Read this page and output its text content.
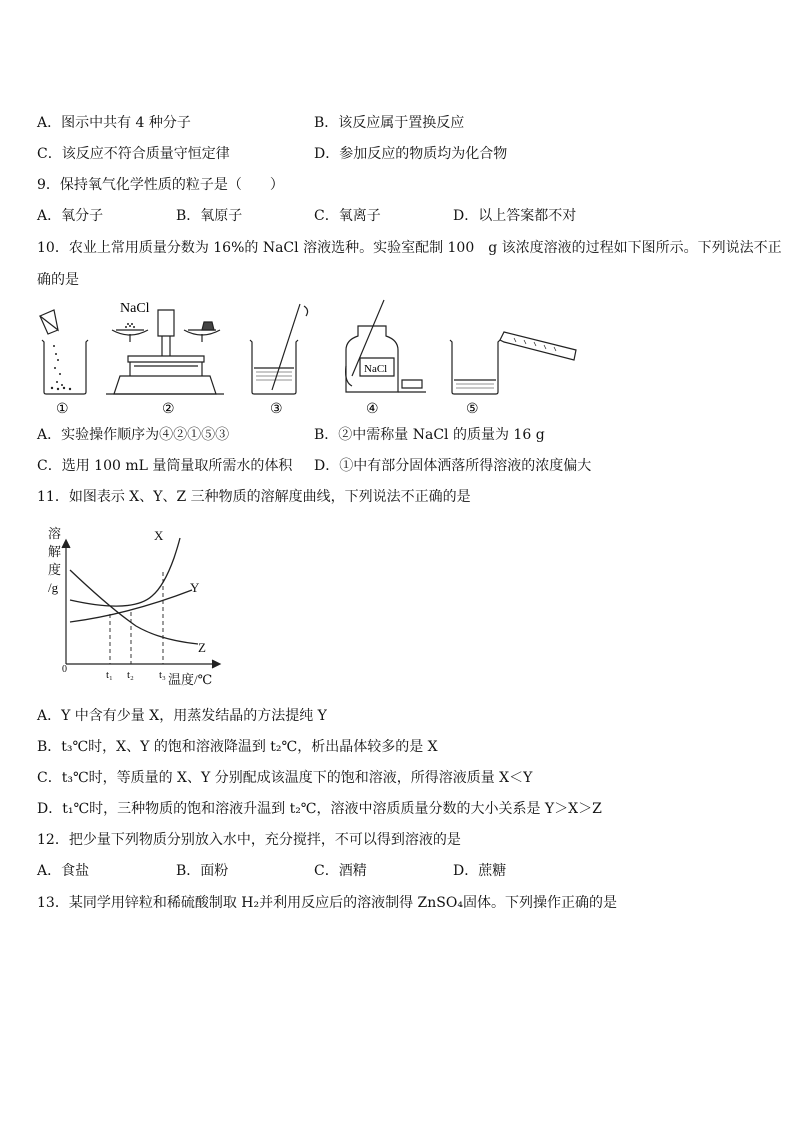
A．图示中共有 4 种分子	B．该反应属于置换反应
C．该反应不符合质量守恒定律	D．参加反应的物质均为化合物
9．保持氧气化学性质的粒子是（　　）
A．氧分子	B．氧原子	C．氧离子	D．以上答案都不对
10．农业上常用质量分数为 16%的 NaCl 溶液选种。实验室配制 100　g 该浓度溶液的过程如下图所示。下列说法不正
确的是
NaCl
NaCl
①	②	③	④	⑤
A．实验操作顺序为④②①⑤③	B．②中需称量 NaCl 的质量为 16 g
C．选用 100 mL 量筒量取所需水的体积 D．①中有部分固体洒落所得溶液的浓度偏大
11．如图表示 X、Y、Z 三种物质的溶解度曲线，下列说法不正确的是
溶
解
度
/g
0	t₁ t₂ t₃ 温度/℃
X
Y
Z
A．Y 中含有少量 X，用蒸发结晶的方法提纯 Y
B．t₃℃时，X、Y 的饱和溶液降温到 t₂℃，析出晶体较多的是 X
C．t₃℃时，等质量的 X、Y 分别配成该温度下的饱和溶液，所得溶液质量 X＜Y
D．t₁℃时，三种物质的饱和溶液升温到 t₂℃，溶液中溶质质量分数的大小关系是 Y＞X＞Z
12．把少量下列物质分别放入水中，充分搅拌，不可以得到溶液的是
A．食盐	B．面粉	C．酒精	D．蔗糖
13．某同学用锌粒和稀硫酸制取 H₂并利用反应后的溶液制得 ZnSO₄固体。下列操作正确的是
